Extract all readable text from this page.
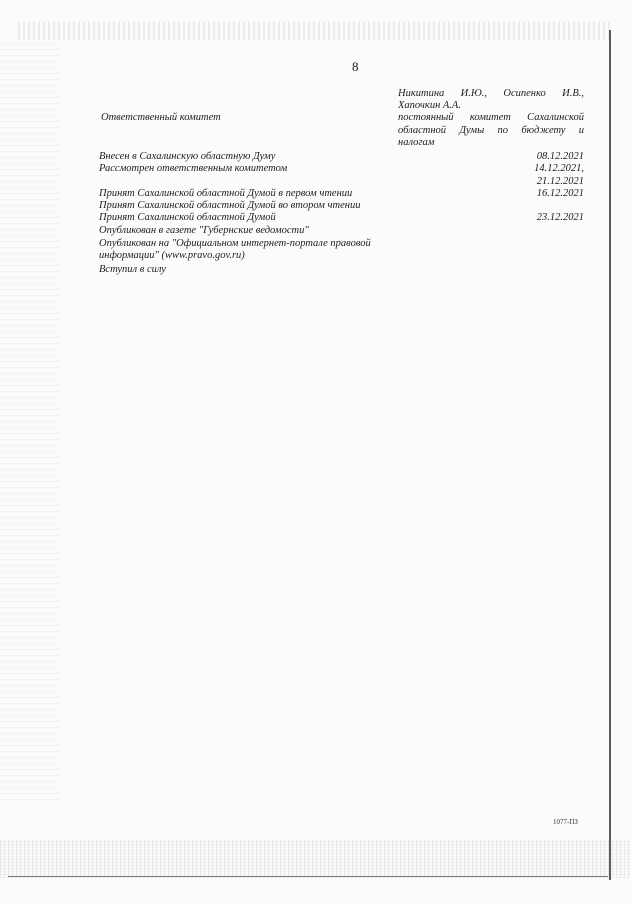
8
Никитина И.Ю., Осипенко И.В.,
Хапочкин А.А.
постоянный комитет Сахалинской
областной Думы по бюджету и
налогам
Ответственный комитет
Внесен в Сахалинскую областную Думу
Рассмотрен ответственным комитетом
Принят Сахалинской областной Думой в первом чтении
Принят Сахалинской областной Думой во втором чтении
Принят Сахалинской областной Думой
Опубликован в газете "Губернские ведомости"
Опубликован на "Официальном интернет-портале правовой
информации" (www.pravo.gov.ru)
Вступил в силу
08.12.2021
14.12.2021,
21.12.2021
16.12.2021
23.12.2021
1077-ПЗ
